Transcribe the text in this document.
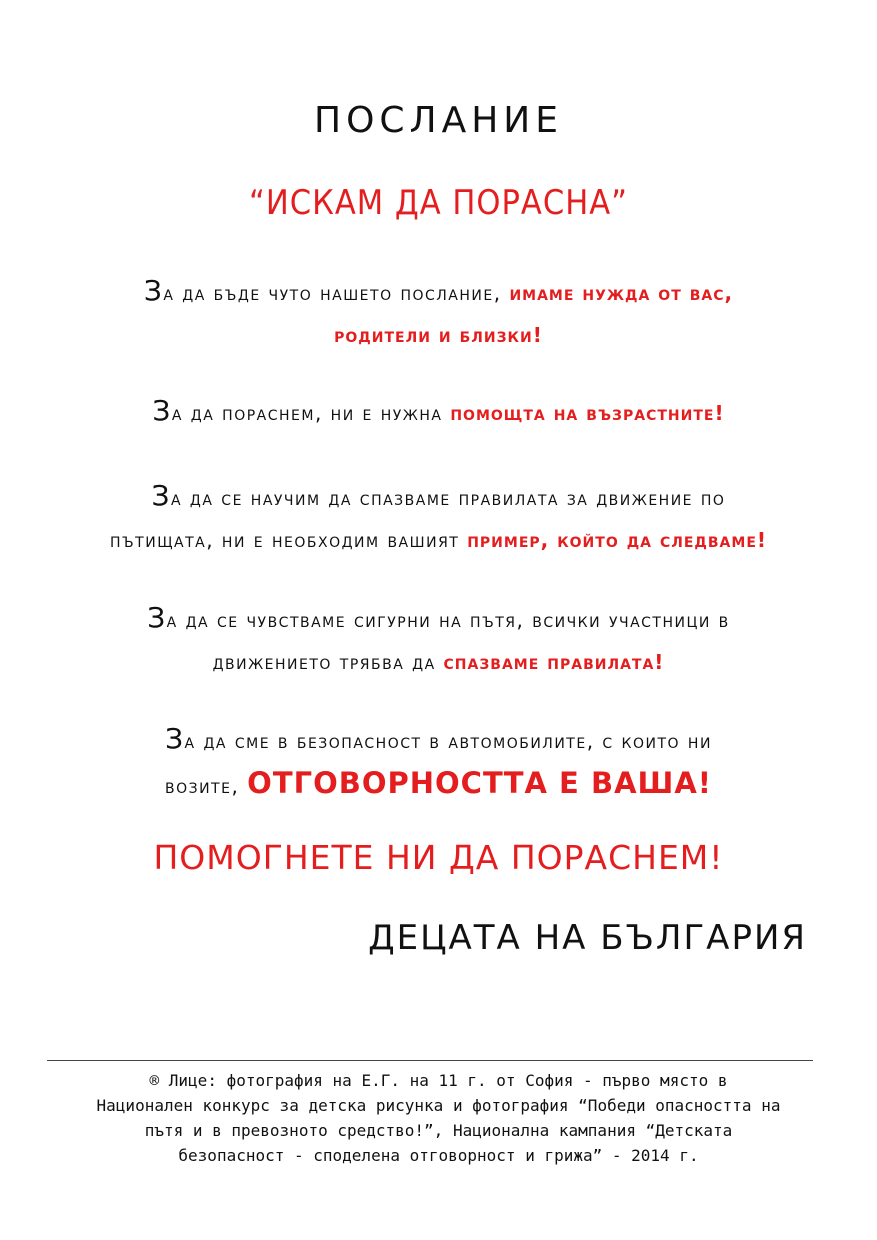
ПОСЛАНИЕ
“ИСКАМ ДА ПОРАСНА”
За да бъде чуто нашето послание, имаме нужда от вас,
родители и близки!
За да пораснем, ни е нужна помощта на възрастните!
За да се научим да спазваме правилата за движение по
пътищата, ни е необходим вашият пример, който да следваме!
За да се чувстваме сигурни на пътя, всички участници в
движението трябва да спазваме правилата!
За да сме в безопасност в автомобилите, с които ни
возите, ОТГОВОРНОСТТА Е ВАША!
ПОМОГНЕТЕ НИ ДА ПОРАСНЕМ!
ДЕЦАТА НА БЪЛГАРИЯ
® Лице: фотография на Е.Г. на 11 г. от София - първо място в
Национален конкурс за детска рисунка и фотография “Победи опасността на
пътя и в превозното средство!”, Национална кампания “Детската
безопасност - споделена отговорност и грижа” - 2014 г.
